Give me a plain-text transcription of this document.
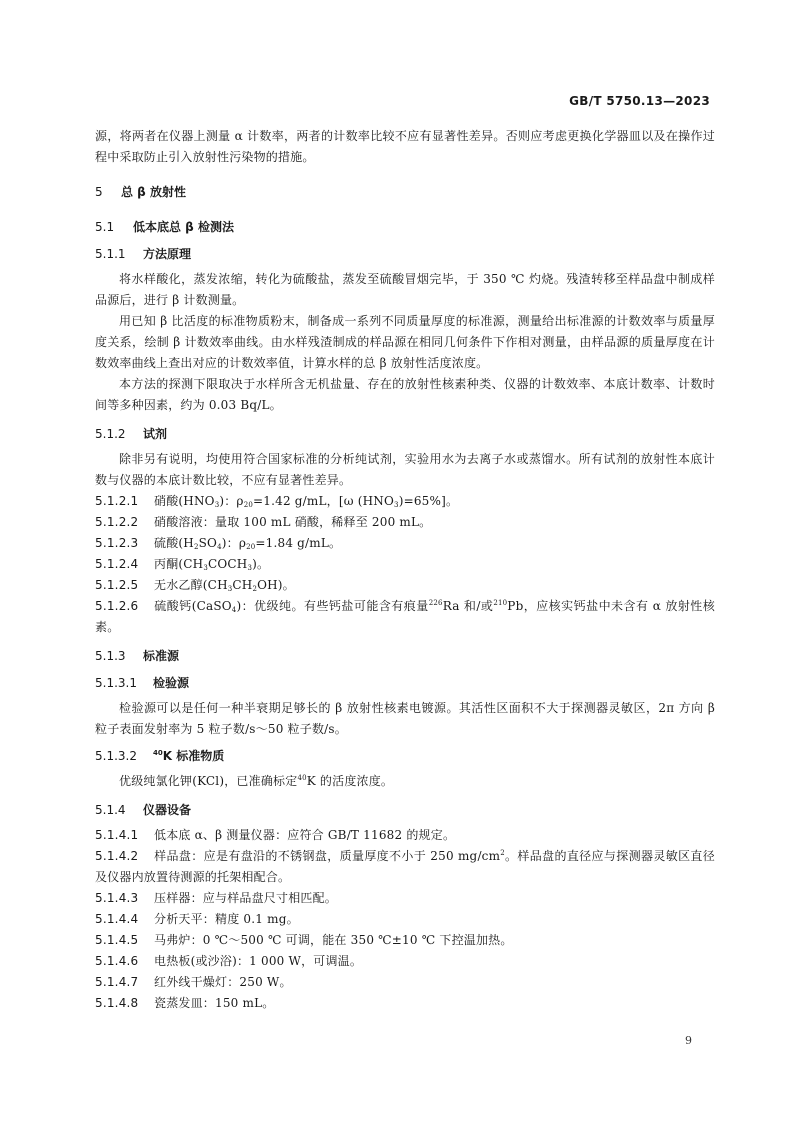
GB/T 5750.13—2023

源，将两者在仪器上测量 α 计数率，两者的计数率比较不应有显著性差异。否则应考虑更换化学器皿以及在操作过程中采取防止引入放射性污染物的措施。

5 总 β 放射性
5.1 低本底总 β 检测法
5.1.1 方法原理

将水样酸化，蒸发浓缩，转化为硫酸盐，蒸发至硫酸冒烟完毕，于 350 ℃ 灼烧。残渣转移至样品盘中制成样品源后，进行 β 计数测量。

用已知 β 比活度的标准物质粉末，制备成一系列不同质量厚度的标准源，测量给出标准源的计数效率与质量厚度关系，绘制 β 计数效率曲线。由水样残渣制成的样品源在相同几何条件下作相对测量，由样品源的质量厚度在计数效率曲线上查出对应的计数效率值，计算水样的总 β 放射性活度浓度。

本方法的探测下限取决于水样所含无机盐量、存在的放射性核素种类、仪器的计数效率、本底计数率、计数时间等多种因素，约为 0.03 Bq/L。

5.1.2 试剂

除非另有说明，均使用符合国家标准的分析纯试剂，实验用水为去离子水或蒸馏水。所有试剂的放射性本底计数与仪器的本底计数比较，不应有显著性差异。

5.1.2.1 硝酸$(HNO_3)$：$\rho_{20}=1.42$ g/mL，[ω $(HNO_3)=65\%$]。

5.1.2.2 硝酸溶液：量取 100 mL 硝酸，稀释至 200 mL。

5.1.2.3 硫酸$(H_2SO_4)$：$\rho_{20}=1.84$ g/mL。

5.1.2.4 丙酮$(CH_3COCH_3)$。

5.1.2.5 无水乙醇$(CH_3CH_2OH)$。

5.1.2.6 硫酸钙(CaSO$_4$)：优级纯。有些钙盐可能含有痕量$^{226}$Ra 和/或$^{210}$Pb，应核实钙盐中未含有 α 放射性核素。

5.1.3 标准源
5.1.3.1 检验源

检验源可以是任何一种半衰期足够长的 β 放射性核素电镀源。其活性区面积不大于探测器灵敏区，2π 方向 β 粒子表面发射率为 5 粒子数/s～50 粒子数/s。

5.1.3.2 $^{40}$K 标准物质

优级纯氯化钾(KCl)，已准确标定$^{40}$K 的活度浓度。

5.1.4 仪器设备

5.1.4.1 低本底 α、β 测量仪器：应符合 GB/T 11682 的规定。

5.1.4.2 样品盘：应是有盘沿的不锈钢盘，质量厚度不小于 250 $mg/cm^2$。样品盘的直径应与探测器灵敏区直径及仪器内放置待测源的托架相配合。

5.1.4.3 压样器：应与样品盘尺寸相匹配。

5.1.4.4 分析天平：精度 0.1 mg。

5.1.4.5 马弗炉：0 ℃～500 ℃ 可调，能在 350 ℃±10 ℃ 下控温加热。

5.1.4.6 电热板(或沙浴)：1 000 W，可调温。

5.1.4.7 红外线干燥灯：250 W。

5.1.4.8 瓷蒸发皿：150 mL。

9
